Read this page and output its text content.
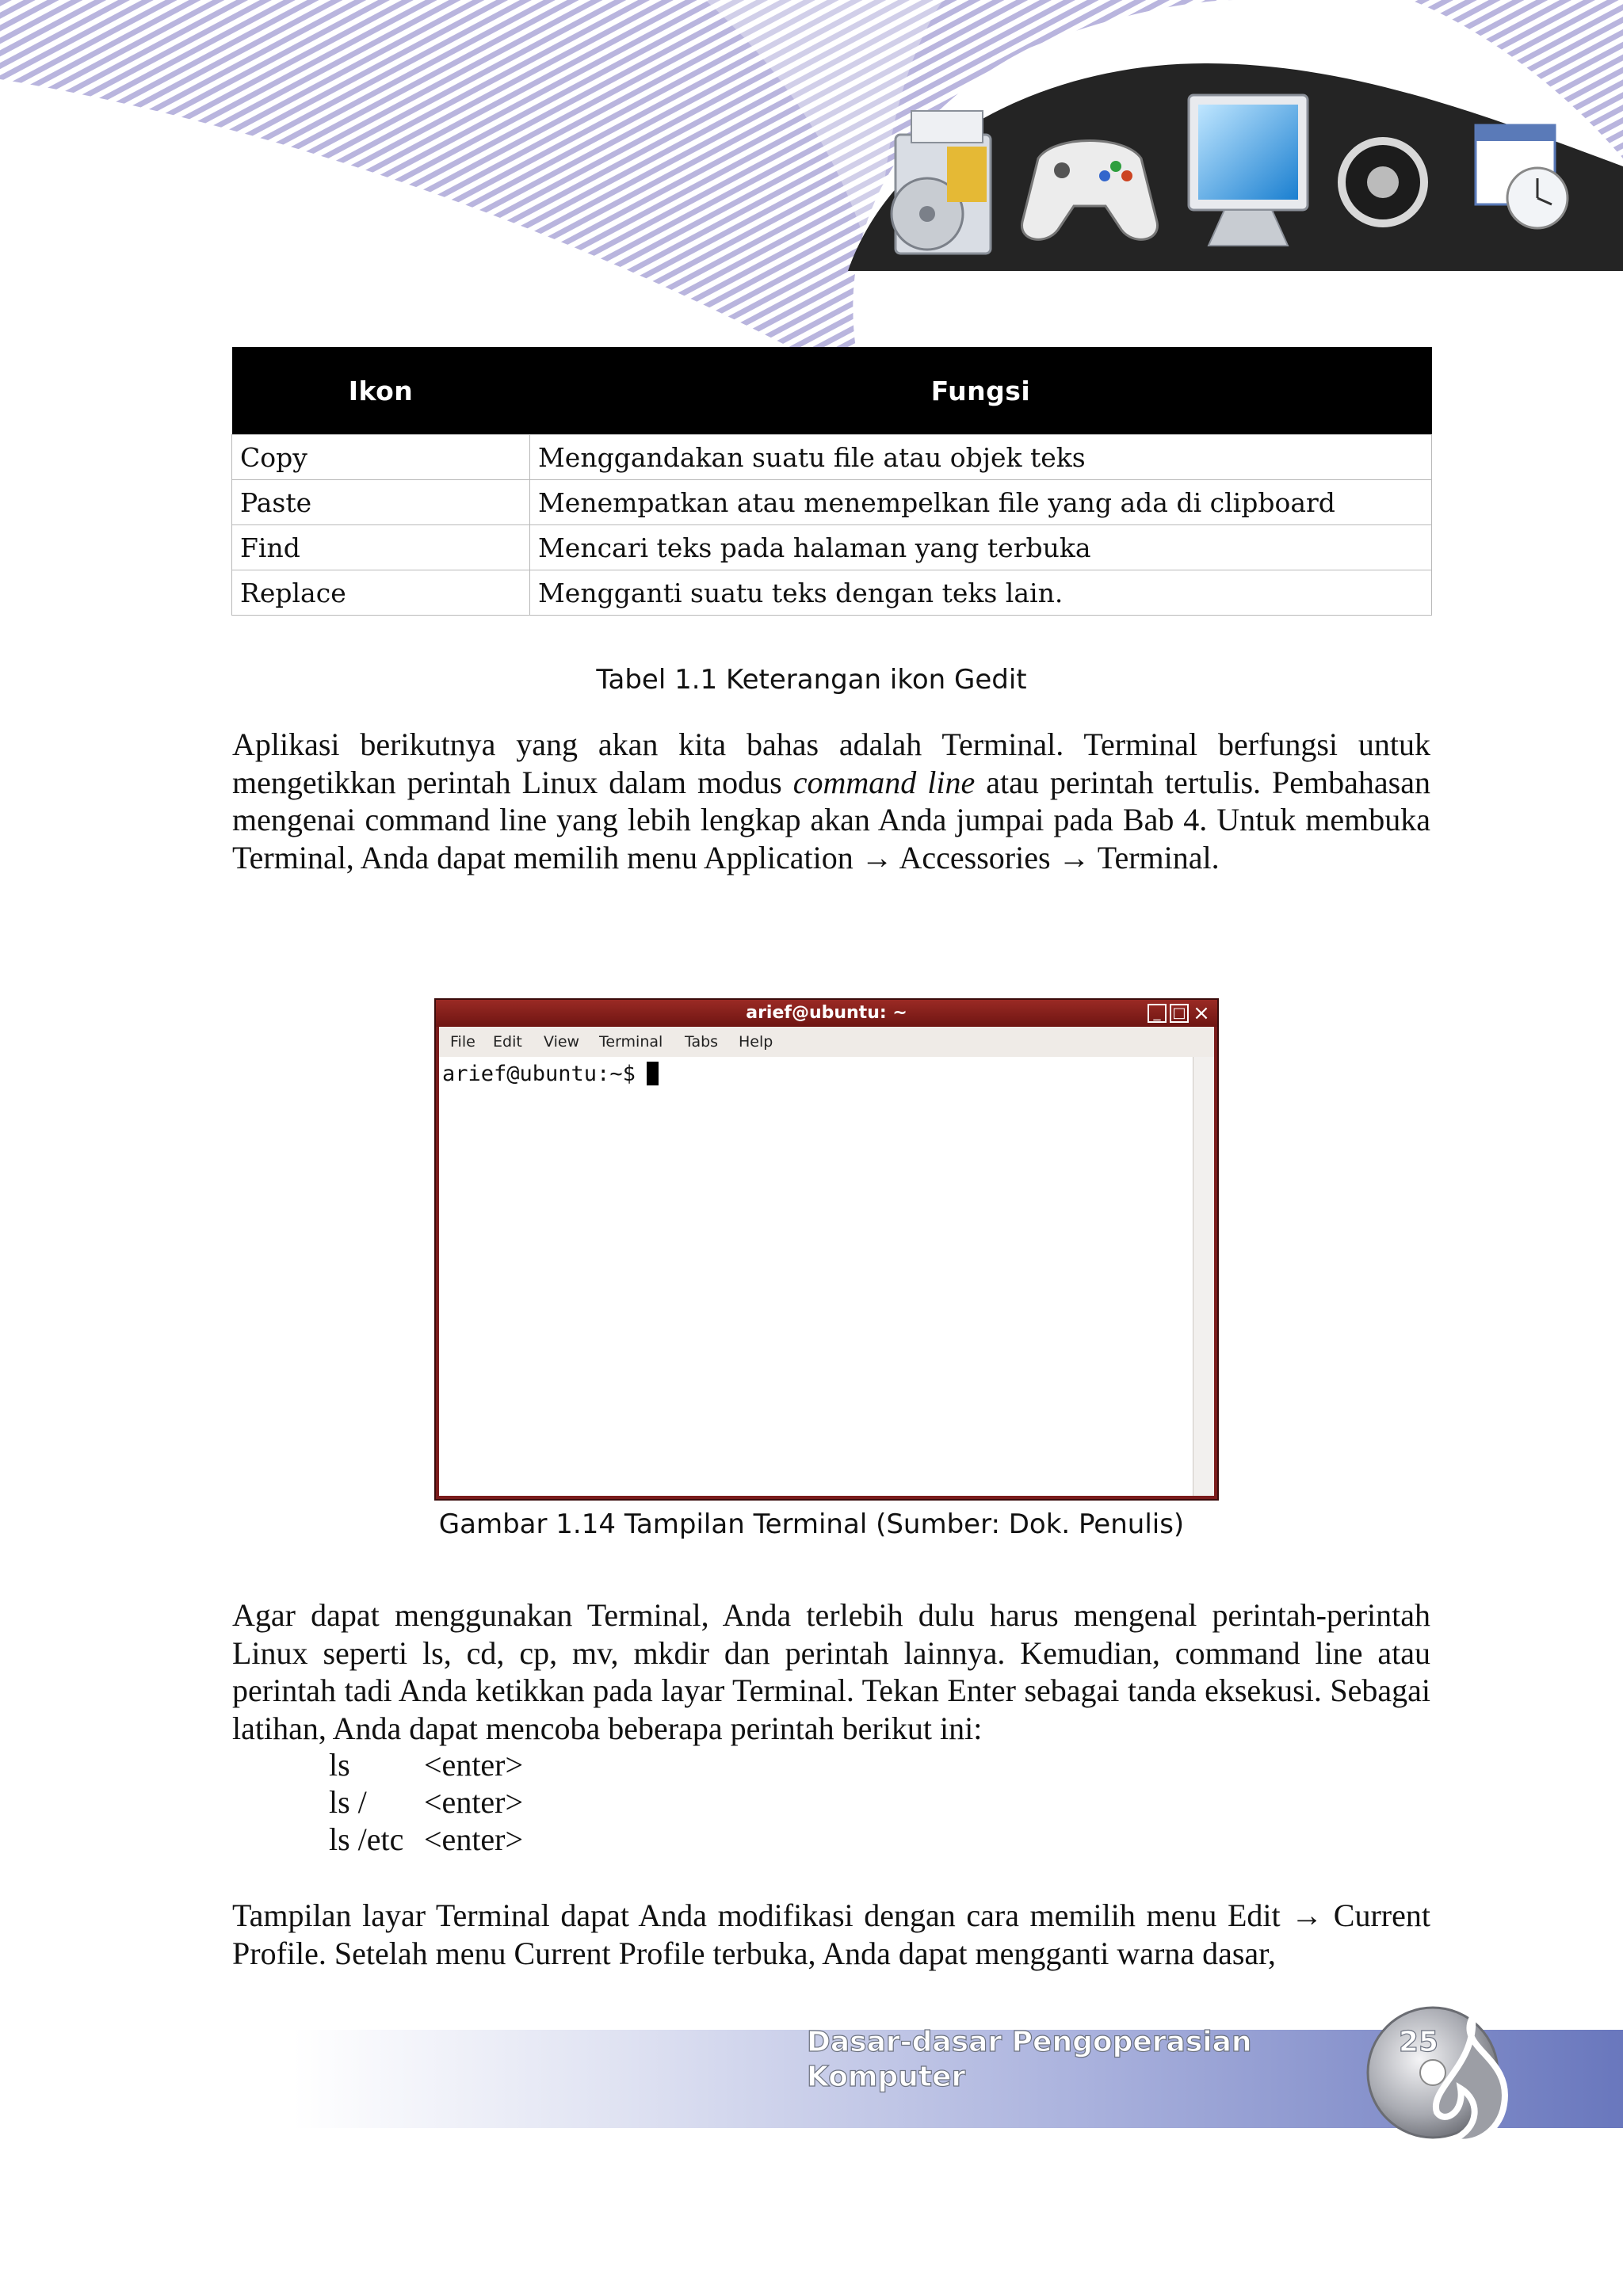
Ikon	Fungsi
Copy	Menggandakan suatu file atau objek teks
Paste	Menempatkan atau menempelkan file yang ada di clipboard
Find	Mencari teks pada halaman yang terbuka
Replace	Mengganti suatu teks dengan teks lain.
Tabel 1.1 Keterangan ikon Gedit
Aplikasi berikutnya yang akan kita bahas adalah Terminal. Terminal berfungsi untuk mengetikkan perintah Linux dalam modus command line atau perintah tertulis. Pembahasan mengenai command line yang lebih lengkap akan Anda jumpai pada Bab 4. Untuk membuka Terminal, Anda dapat memilih menu Application → Accessories → Terminal.
arief@ubuntu: ~	_ □ ×
File Edit View Terminal Tabs Help
arief@ubuntu:~$
Gambar 1.14 Tampilan Terminal (Sumber: Dok. Penulis)
Agar dapat menggunakan Terminal, Anda terlebih dulu harus mengenal perintah-perintah Linux seperti ls, cd, cp, mv, mkdir dan perintah lainnya. Kemudian, command line atau perintah tadi Anda ketikkan pada layar Terminal. Tekan Enter sebagai tanda eksekusi. Sebagai latihan, Anda dapat mencoba beberapa perintah berikut ini:
ls <enter>
ls / <enter>
ls /etc <enter>
Tampilan layar Terminal dapat Anda modifikasi dengan cara memilih menu Edit → Current Profile. Setelah menu Current Profile terbuka, Anda dapat mengganti warna dasar,
Dasar-dasar Pengoperasian Komputer
25
